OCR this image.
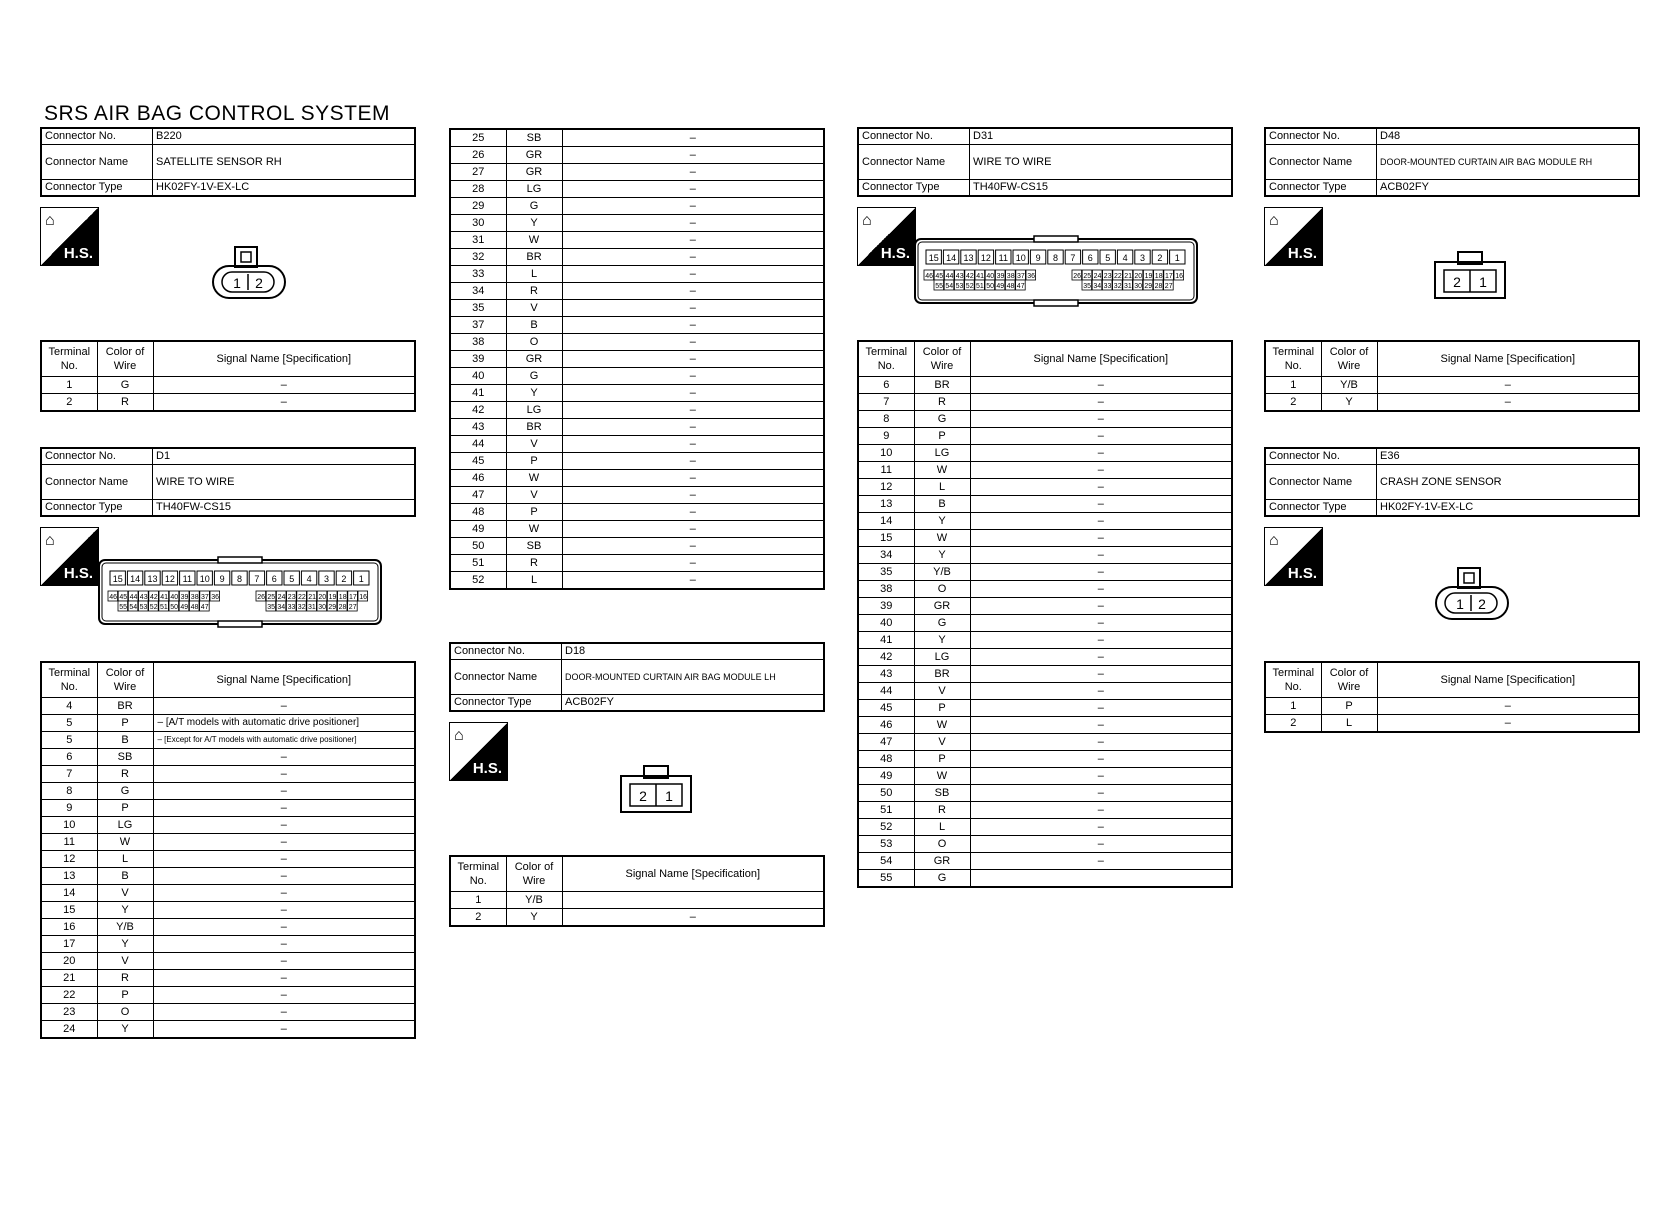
SRS AIR BAG CONTROL SYSTEM
Connector No.	B220
Connector Name	SATELLITE SENSOR RH
Connector Type	HK02FY-1V-EX-LC
⌂
H.S.
1 2
Terminal No.	Color of Wire	Signal Name [Specification]
1	G	–
2	R	–
Connector No.	D1
Connector Name	WIRE TO WIRE
Connector Type	TH40FW-CS15
⌂
H.S. 15 14 13 12 11 10 9 8 7 6 5 4 3 2 1
46 45 44 43 42 41 40 39 38 37 36	26 25 24 23 22 21 20 19 18 17 16
55 54 53 52 51 50 49 48 47	35 34 33 32 31 30 29 28 27
Terminal No.	Color of Wire	Signal Name [Specification]
4	BR	–
5	P	– [A/T models with automatic drive positioner]
5	B	– [Except for A/T models with automatic drive positioner]
6	SB	–
7	R	–
8	G	–
9	P	–
10	LG	–
11	W	–
12	L	–
13	B	–
14	V	–
15	Y	–
16	Y/B	–
17	Y	–
20	V	–
21	R	–
22	P	–
23	O	–
24	Y	–
25	SB	–
26	GR	–
27	GR	–
28	LG	–
29	G	–
30	Y	–
31	W	–
32	BR	–
33	L	–
34	R	–
35	V	–
37	B	–
38	O	–
39	GR	–
40	G	–
41	Y	–
42	LG	–
43	BR	–
44	V	–
45	P	–
46	W	–
47	V	–
48	P	–
49	W	–
50	SB	–
51	R	–
52	L	–
Connector No.	D18
Connector Name	DOOR-MOUNTED CURTAIN AIR BAG MODULE LH
Connector Type	ACB02FY
⌂
H.S.
2 1
Terminal No.	Color of Wire	Signal Name [Specification]
1	Y/B	
2	Y	–
Connector No.	D31
Connector Name	WIRE TO WIRE
Connector Type	TH40FW-CS15
⌂
H.S. 15 14 13 12 11 10 9 8 7 6 5 4 3 2 1
46 45 44 43 42 41 40 39 38 37 36	26 25 24 23 22 21 20 19 18 17 16
55 54 53 52 51 50 49 48 47	35 34 33 32 31 30 29 28 27
Terminal No.	Color of Wire	Signal Name [Specification]
6	BR	–
7	R	–
8	G	–
9	P	–
10	LG	–
11	W	–
12	L	–
13	B	–
14	Y	–
15	W	–
34	Y	–
35	Y/B	–
38	O	–
39	GR	–
40	G	–
41	Y	–
42	LG	–
43	BR	–
44	V	–
45	P	–
46	W	–
47	V	–
48	P	–
49	W	–
50	SB	–
51	R	–
52	L	–
53	O	–
54	GR	–
55	G	
Connector No.	D48
Connector Name	DOOR-MOUNTED CURTAIN AIR BAG MODULE RH
Connector Type	ACB02FY
⌂
H.S.
2 1
Terminal No.	Color of Wire	Signal Name [Specification]
1	Y/B	–
2	Y	–
Connector No.	E36
Connector Name	CRASH ZONE SENSOR
Connector Type	HK02FY-1V-EX-LC
⌂
H.S.
1 2
Terminal No.	Color of Wire	Signal Name [Specification]
1	P	–
2	L	–
